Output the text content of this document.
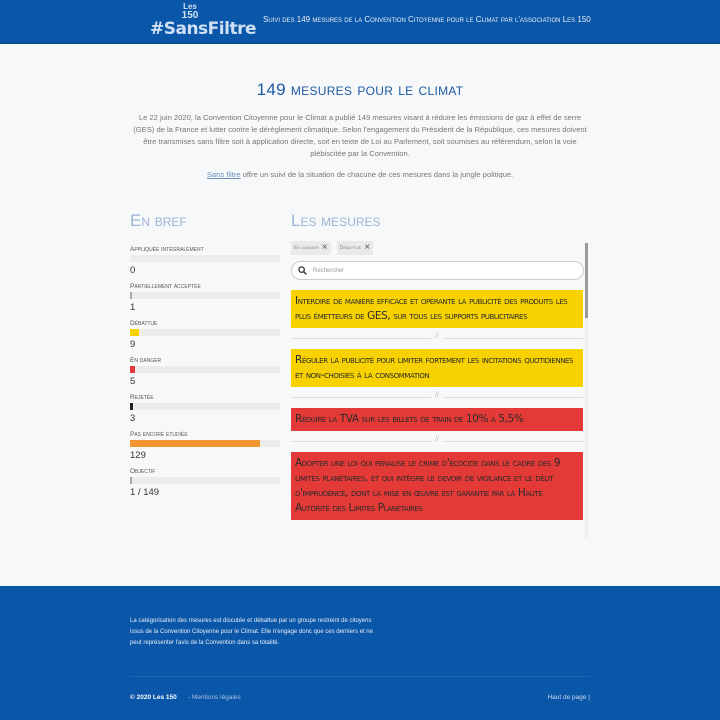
Les
150
#SansFiltre Suivi des 149 mesures de la Convention Citoyenne pour le Climat par l'association Les 150
149 mesures pour le climat
Le 22 juin 2020, la Convention Citoyenne pour le Climat a publié 149 mesures visant à réduire les émissions de gaz à effet de serre (GES) de la France et lutter contre le dérèglement climatique. Selon l'engagement du Président de la République, ces mesures doivent être transmises sans filtre soit à application directe, soit en texte de Loi au Parlement, soit soumises au référendum, selon la voie plébiscitée par la Convention.
Sans filtre offre un suivi de la situation de chacune de ces mesures dans la jungle politique.
En bref	Les mesures
Appliquée intégralement
0
Partiellement acceptée
1
Débattue
9
En danger
5
Rejetée
3
Pas encore étudiée
129
Objectif
1 / 149
En danger × Débattue ×
Rechercher
Interdire de manière efficace et opérante la publicité des produits les plus émetteurs de GES, sur tous les supports publicitaires
//
Réguler la publicité pour limiter fortement les incitations quotidiennes et non-choisies à la consommation
//
Réduire la TVA sur les billets de train de 10% à 5,5%
//
Adopter une loi qui pénalise le crime d'écocide dans le cadre des 9 limites planétaires, et qui intègre le devoir de vigilance et le délit d'imprudence, dont la mise en œuvre est garantie par la Haute Autorité des Limites Planétaires
La catégorisation des mesures est discutée et débattue par un groupe restreint de citoyens issus de la Convention Citoyenne pour le Climat. Elle n'engage donc que ces derniers et ne peut représenter l'avis de la Convention dans sa totalité.
© 2020 Les 150 - Mentions légales	Haut de page |
